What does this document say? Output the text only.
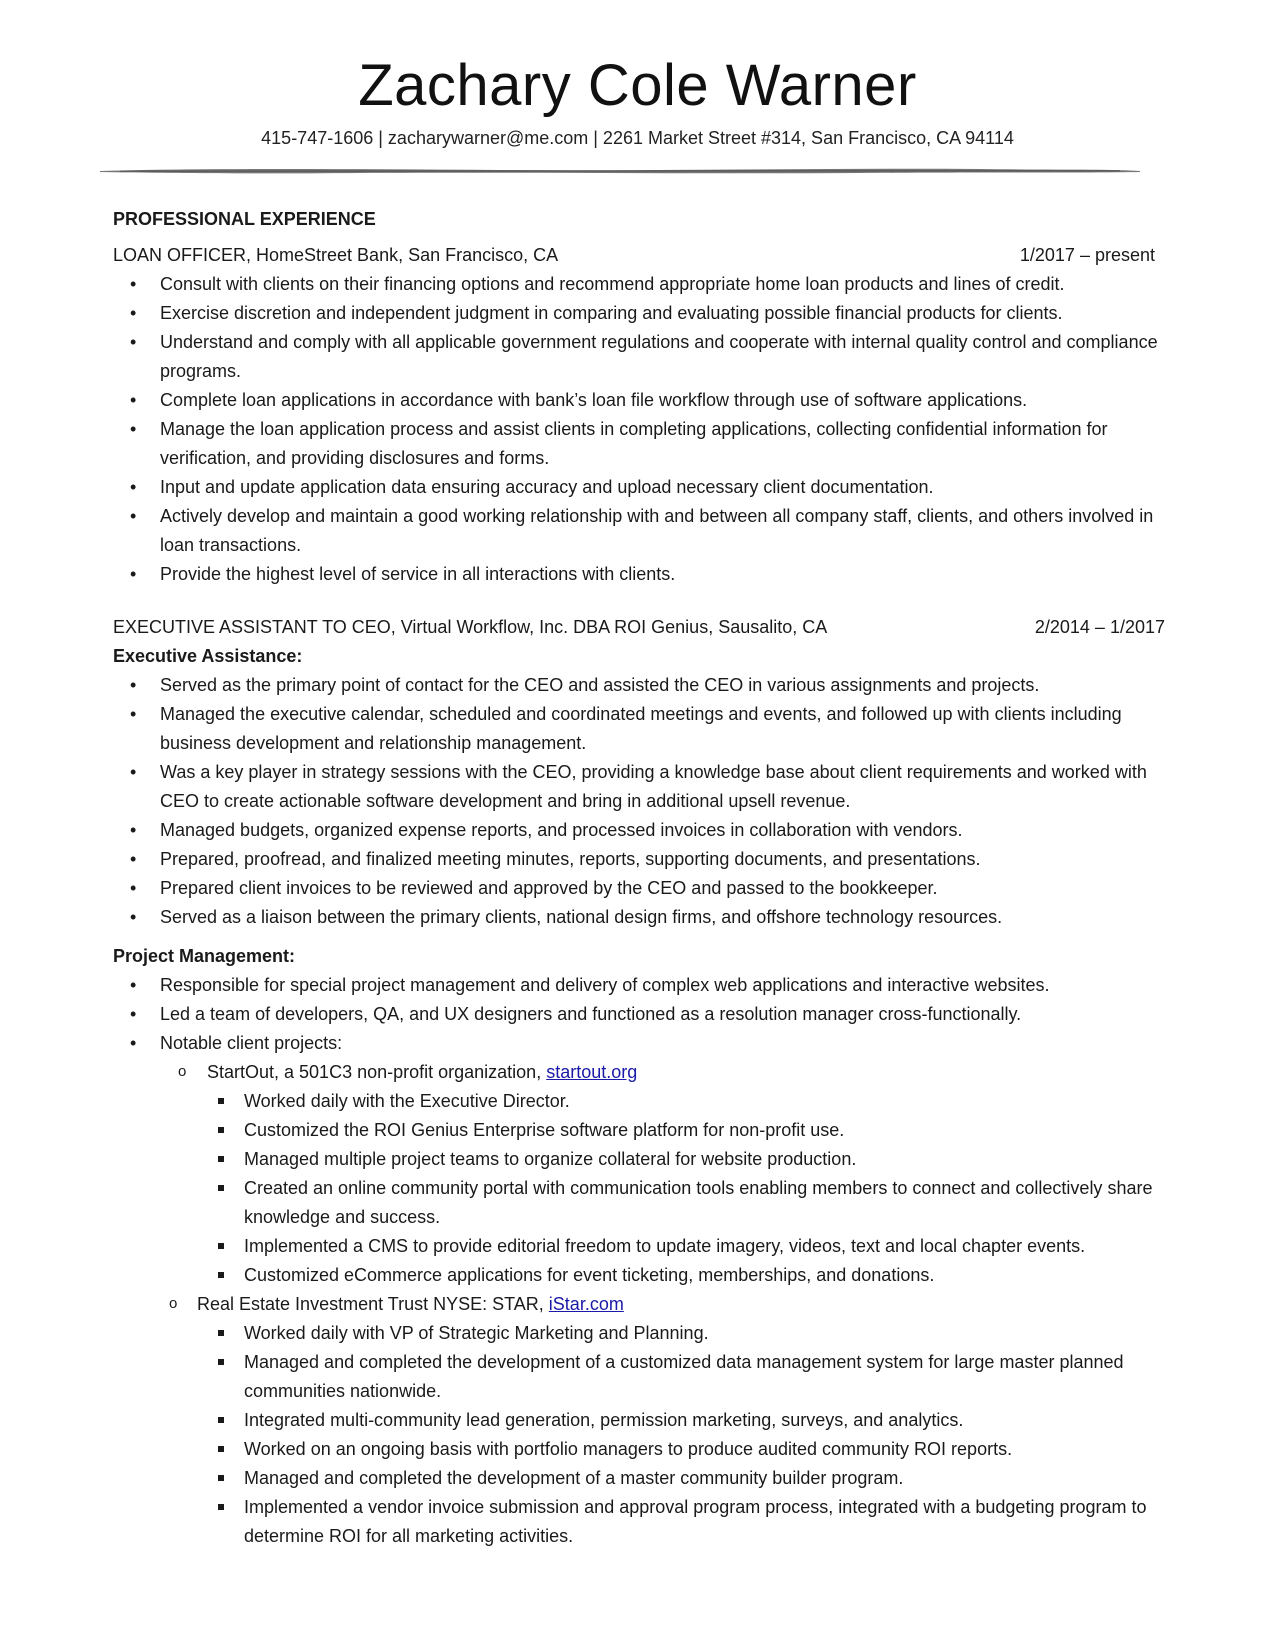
Zachary Cole Warner
415-747-1606 | zacharywarner@me.com | 2261 Market Street #314, San Francisco, CA 94114
PROFESSIONAL EXPERIENCE
LOAN OFFICER, HomeStreet Bank, San Francisco, CA	1/2017 – present
• Consult with clients on their financing options and recommend appropriate home loan products and lines of credit.
• Exercise discretion and independent judgment in comparing and evaluating possible financial products for clients.
• Understand and comply with all applicable government regulations and cooperate with internal quality control and compliance programs.
• Complete loan applications in accordance with bank’s loan file workflow through use of software applications.
• Manage the loan application process and assist clients in completing applications, collecting confidential information for verification, and providing disclosures and forms.
• Input and update application data ensuring accuracy and upload necessary client documentation.
• Actively develop and maintain a good working relationship with and between all company staff, clients, and others involved in loan transactions.
• Provide the highest level of service in all interactions with clients.
EXECUTIVE ASSISTANT TO CEO, Virtual Workflow, Inc. DBA ROI Genius, Sausalito, CA	2/2014 – 1/2017
Executive Assistance:
• Served as the primary point of contact for the CEO and assisted the CEO in various assignments and projects.
• Managed the executive calendar, scheduled and coordinated meetings and events, and followed up with clients including business development and relationship management.
• Was a key player in strategy sessions with the CEO, providing a knowledge base about client requirements and worked with CEO to create actionable software development and bring in additional upsell revenue.
• Managed budgets, organized expense reports, and processed invoices in collaboration with vendors.
• Prepared, proofread, and finalized meeting minutes, reports, supporting documents, and presentations.
• Prepared client invoices to be reviewed and approved by the CEO and passed to the bookkeeper.
• Served as a liaison between the primary clients, national design firms, and offshore technology resources.
Project Management:
• Responsible for special project management and delivery of complex web applications and interactive websites.
• Led a team of developers, QA, and UX designers and functioned as a resolution manager cross-functionally.
• Notable client projects:
o StartOut, a 501C3 non-profit organization, startout.org
Worked daily with the Executive Director.
Customized the ROI Genius Enterprise software platform for non-profit use.
Managed multiple project teams to organize collateral for website production.
Created an online community portal with communication tools enabling members to connect and collectively share knowledge and success.
Implemented a CMS to provide editorial freedom to update imagery, videos, text and local chapter events.
Customized eCommerce applications for event ticketing, memberships, and donations.
o Real Estate Investment Trust NYSE: STAR, iStar.com
Worked daily with VP of Strategic Marketing and Planning.
Managed and completed the development of a customized data management system for large master planned communities nationwide.
Integrated multi-community lead generation, permission marketing, surveys, and analytics.
Worked on an ongoing basis with portfolio managers to produce audited community ROI reports.
Managed and completed the development of a master community builder program.
Implemented a vendor invoice submission and approval program process, integrated with a budgeting program to determine ROI for all marketing activities.
